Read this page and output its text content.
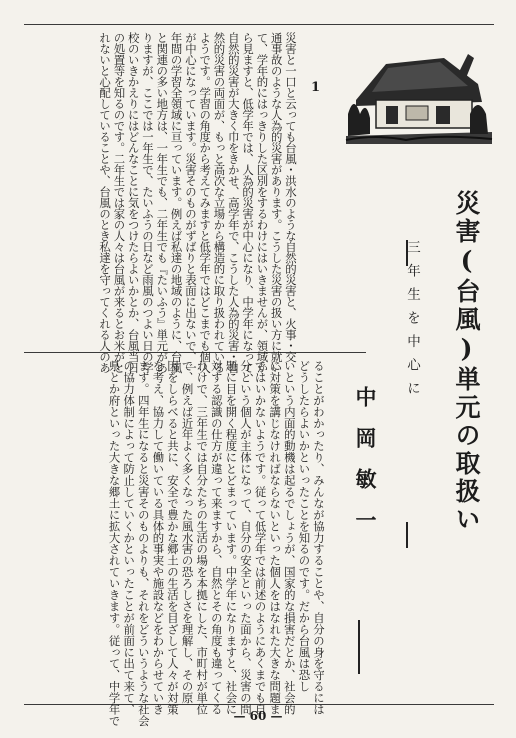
災害と一口と云っても台風・洪水のような自然的災害と、火事・交
通事故のような人為的災害があります。こうした災害の扱い方に就い
て、学年的にはっきりした区別をするわけにはいきませんが、領域か
ら見ますと、低学年では、人為的災害が中心になり、中学年になって、
自然的災害が大きく巾をきかせ、高学年で、こうした人為的災害・自
然的災害の両面が、もっと高次な立場から構造的に取り扱われている
ようです。学習の角度から考えてみますと低学年ではどこまでも個人
が中心になっています。災害そのものがずばりと表面に出ないで、一
年間の学習全領域に亘っています。例えば私達の地域のように、台風
と関連の多い地方は、一年生でも、二年生でも『たいふう』単元があ
りますが、ここでは一年生で、たいふうの日など雨風のつよい日の学
校のいきかえりにはどんなことに気をつけたらよいかとか、台風当日
の処置等を知るのです。二年生では家の人々は台風が来るとお米がと
れないと心配していることや、台風のとき私達を守ってくれる人のあ
ることがわかったり、みんなが協力することや、自分の身を守るには
どうしたらよいかといったことを知るのです。だから台風は恐し
いという内面的動機は起るでしょうが、国家的な損害だとか、社会的
に対策を講じなければならないといった個人をはなれた大きな問題ま
ではいかないようです。従って低学年では前述のようにあくまでも自
分という個人が主体になって、自分の安全といった面から、災害の問
題に目を開く程度にとどまっています。中学年になりますと、社会に
対する認識の仕方が違って来ますから、自然とその角度も違ってくる
わけで、三年生では自分たちの生活の場を本拠にした、市町村が単位
で、例えば近年よく多くなった風水害の恐ろしさを理解し、その原
因をしらべると共に、安全で豊かな郷土の生活を目ざして人々が対策
を考え、協力して働いている具体的事実や施設などをわからせていき
ます。四年生になると災害そのものよりも、それをどういうような社会
の協力体制によって防止していくかといったことが前面に出て来て、
県とか府といった大きな郷土に拡大されていきます。従って、中学年で
1
災害(台風)単元の取扱い
三年生を中心に
中岡敏一
— 60 —
